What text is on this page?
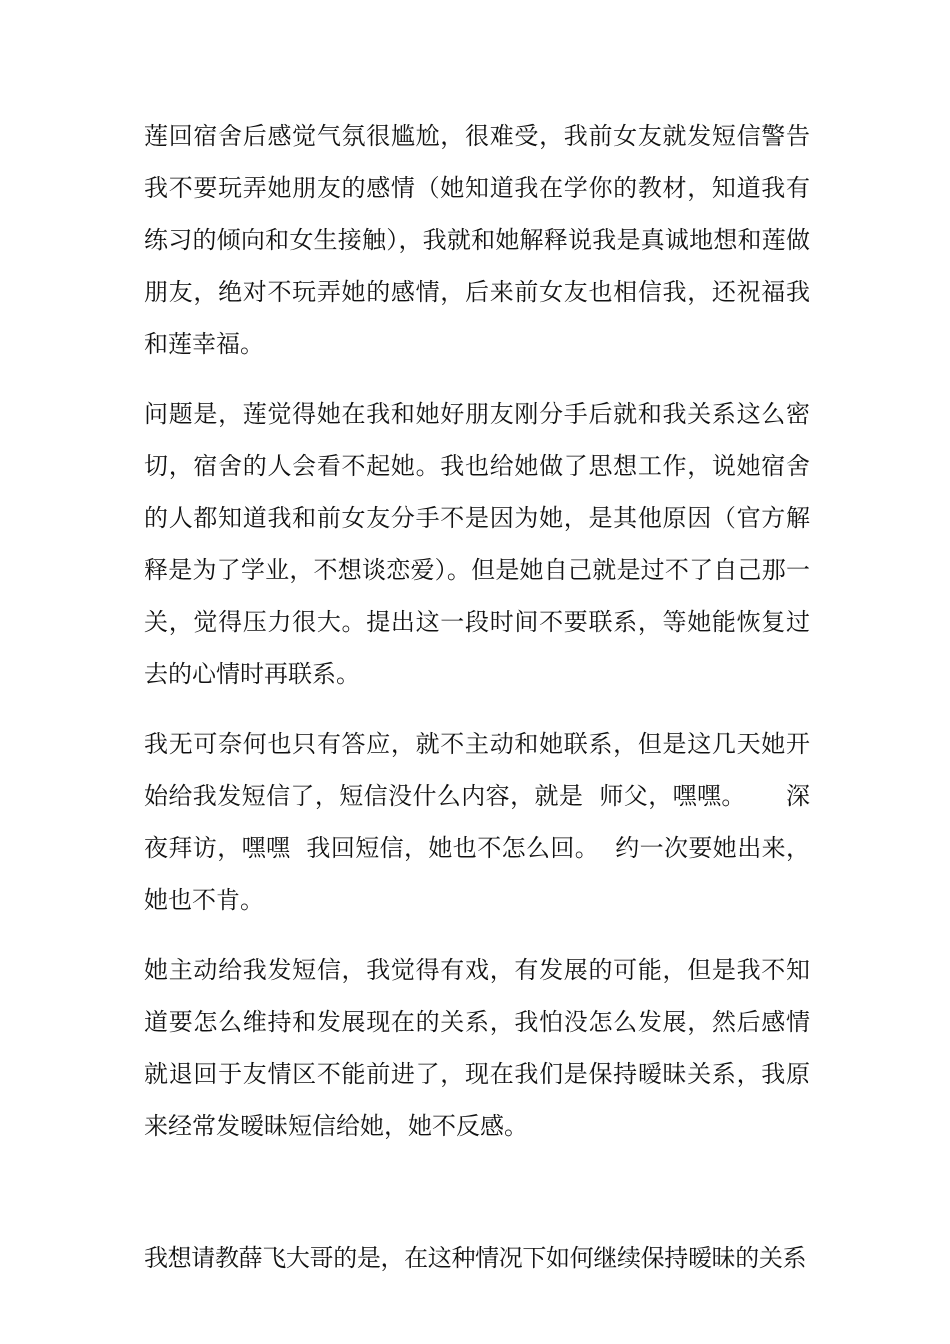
莲回宿舍后感觉气氛很尴尬，很难受，我前女友就发短信警告我不要玩弄她朋友的感情（她知道我在学你的教材，知道我有练习的倾向和女生接触），我就和她解释说我是真诚地想和莲做朋友，绝对不玩弄她的感情，后来前女友也相信我，还祝福我和莲幸福。

问题是，莲觉得她在我和她好朋友刚分手后就和我关系这么密切，宿舍的人会看不起她。我也给她做了思想工作，说她宿舍的人都知道我和前女友分手不是因为她，是其他原因（官方解释是为了学业，不想谈恋爱）。但是她自己就是过不了自己那一关，觉得压力很大。提出这一段时间不要联系，等她能恢复过去的心情时再联系。

我无可奈何也只有答应，就不主动和她联系，但是这几天她开始给我发短信了，短信没什么内容，就是  师父，嘿嘿。     深夜拜访，嘿嘿  我回短信，她也不怎么回。  约一次要她出来，她也不肯。

她主动给我发短信，我觉得有戏，有发展的可能，但是我不知道要怎么维持和发展现在的关系，我怕没怎么发展，然后感情就退回于友情区不能前进了，现在我们是保持暧昧关系，我原来经常发暧昧短信给她，她不反感。

我想请教薛飞大哥的是，在这种情况下如何继续保持暧昧的关系
